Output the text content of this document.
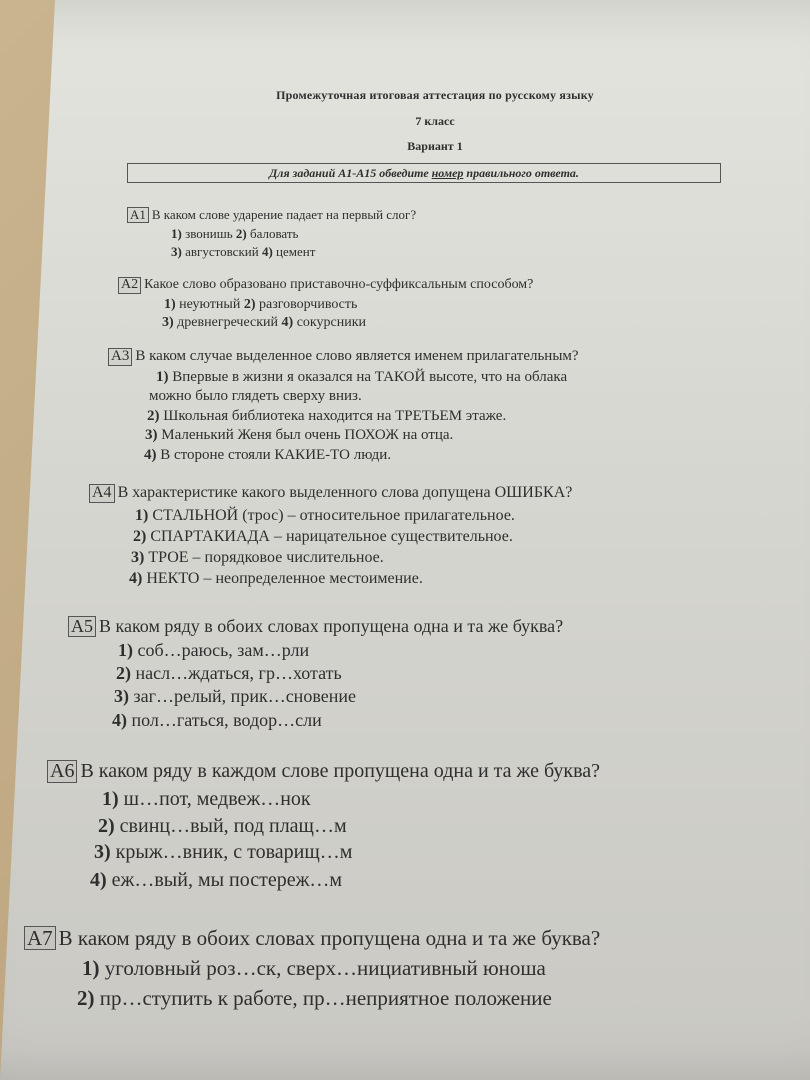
Промежуточная итоговая аттестация по русскому языку
7 класс
Вариант 1
Для заданий А1-А15 обведите номер правильного ответа.
А1 В каком слове ударение падает на первый слог?
1) звонишь 2) баловать
3) августовский 4) цемент
А2 Какое слово образовано приставочно-суффиксальным способом?
1) неуютный 2) разговорчивость
3) древнегреческий 4) сокурсники
А3 В каком случае выделенное слово является именем прилагательным?
1) Впервые в жизни я оказался на ТАКОЙ высоте, что на облака
можно было глядеть сверху вниз.
2) Школьная библиотека находится на ТРЕТЬЕМ этаже.
3) Маленький Женя был очень ПОХОЖ на отца.
4) В стороне стояли КАКИЕ-ТО люди.
А4 В характеристике какого выделенного слова допущена ОШИБКА?
1) СТАЛЬНОЙ (трос) – относительное прилагательное.
2) СПАРТАКИАДА – нарицательное существительное.
3) ТРОЕ – порядковое числительное.
4) НЕКТО – неопределенное местоимение.
А5 В каком ряду в обоих словах пропущена одна и та же буква?
1) соб…раюсь, зам…рли
2) насл…ждаться, гр…хотать
3) заг…релый, прик…сновение
4) пол…гаться, водор…сли
А6 В каком ряду в каждом слове пропущена одна и та же буква?
1) ш…пот, медвеж…нок
2) свинц…вый, под плащ…м
3) крыж…вник, с товарищ…м
4) еж…вый, мы постереж…м
А7 В каком ряду в обоих словах пропущена одна и та же буква?
1) уголовный роз…ск, сверх…нициативный юноша
2) пр…ступить к работе, пр…неприятное положение
